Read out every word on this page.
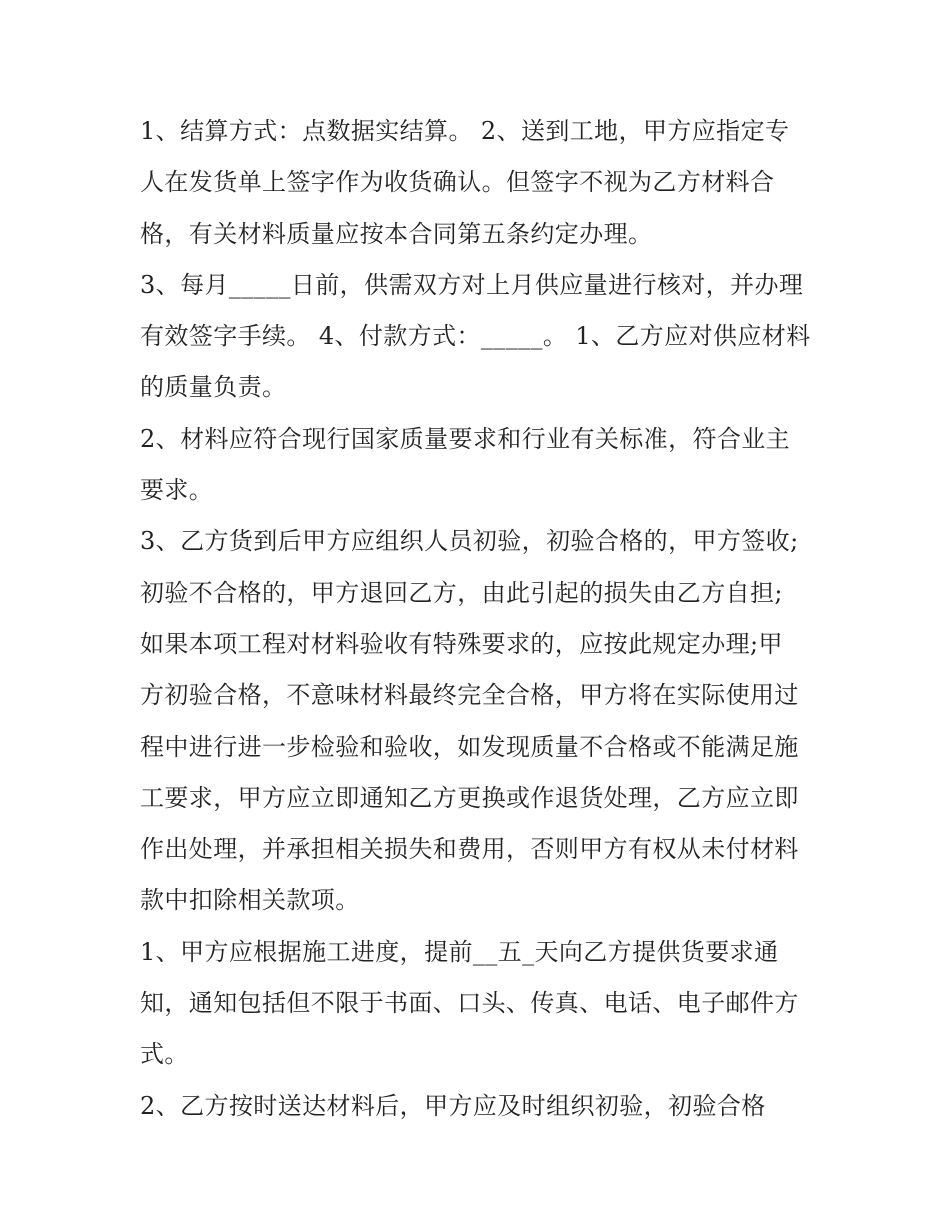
1、结算方式：点数据实结算。 2、送到工地，甲方应指定专
人在发货单上签字作为收货确认。但签字不视为乙方材料合
格，有关材料质量应按本合同第五条约定办理。
3、每月_____日前，供需双方对上月供应量进行核对，并办理
有效签字手续。 4、付款方式：_____。 1、乙方应对供应材料
的质量负责。
2、材料应符合现行国家质量要求和行业有关标准，符合业主
要求。
3、乙方货到后甲方应组织人员初验，初验合格的，甲方签收;
初验不合格的，甲方退回乙方，由此引起的损失由乙方自担;
如果本项工程对材料验收有特殊要求的，应按此规定办理;甲
方初验合格，不意味材料最终完全合格，甲方将在实际使用过
程中进行进一步检验和验收，如发现质量不合格或不能满足施
工要求，甲方应立即通知乙方更换或作退货处理，乙方应立即
作出处理，并承担相关损失和费用，否则甲方有权从未付材料
款中扣除相关款项。
1、甲方应根据施工进度，提前__五_天向乙方提供货要求通
知，通知包括但不限于书面、口头、传真、电话、电子邮件方
式。
2、乙方按时送达材料后，甲方应及时组织初验，初验合格
